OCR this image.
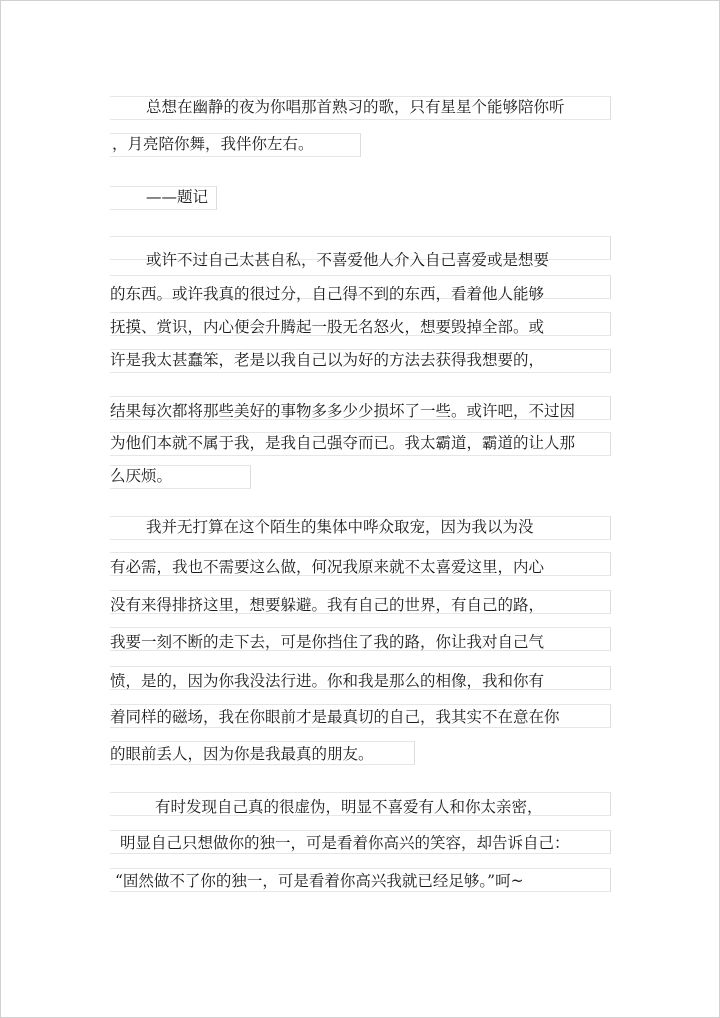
总想在幽静的夜为你唱那首熟习的歌，只有星星个能够陪你听
，月亮陪你舞，我伴你左右。
——题记
或许不过自己太甚自私，不喜爱他人介入自己喜爱或是想要
的东西。或许我真的很过分，自己得不到的东西，看着他人能够
抚摸、赏识，内心便会升腾起一股无名怒火，想要毁掉全部。或
许是我太甚蠢笨，老是以我自己以为好的方法去获得我想要的，
结果每次都将那些美好的事物多多少少损坏了一些。或许吧，不过因
为他们本就不属于我，是我自己强夺而已。我太霸道，霸道的让人那
么厌烦。
我并无打算在这个陌生的集体中哗众取宠，因为我以为没
有必需，我也不需要这么做，何况我原来就不太喜爱这里，内心
没有来得排挤这里，想要躲避。我有自己的世界，有自己的路，
我要一刻不断的走下去，可是你挡住了我的路，你让我对自己气
愤，是的，因为你我没法行进。你和我是那么的相像，我和你有
着同样的磁场，我在你眼前才是最真切的自己，我其实不在意在你
的眼前丢人，因为你是我最真的朋友。
有时发现自己真的很虚伪，明显不喜爱有人和你太亲密，
明显自己只想做你的独一，可是看着你高兴的笑容，却告诉自己：
“固然做不了你的独一，可是看着你高兴我就已经足够。”呵~
